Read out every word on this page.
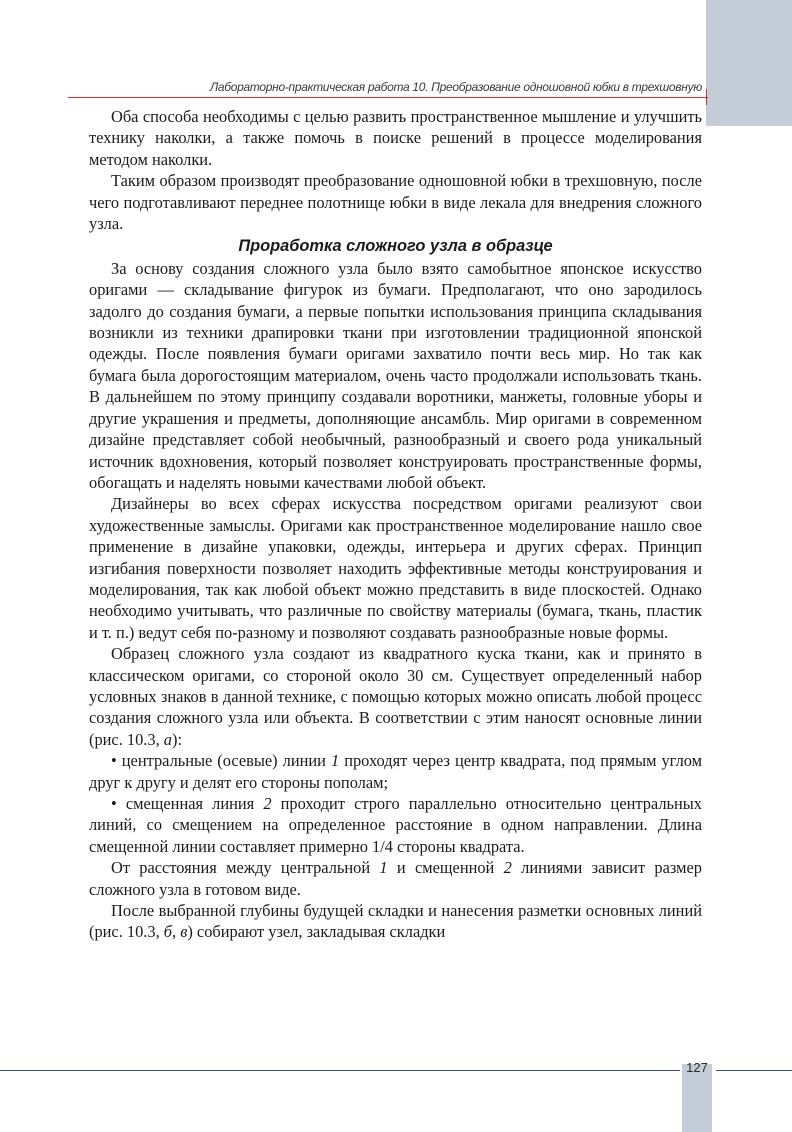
Лабораторно-практическая работа 10. Преобразование одношовной юбки в трехшовную

Оба способа необходимы с целью развить пространственное мышление и улучшить технику наколки, а также помочь в поиске решений в процессе моделирования методом наколки.

Таким образом производят преобразование одношовной юбки в трехшовную, после чего подготавливают переднее полотнище юбки в виде лекала для внедрения сложного узла.

Проработка сложного узла в образце

За основу создания сложного узла было взято самобытное японское искусство оригами — складывание фигурок из бумаги. Предполагают, что оно зародилось задолго до создания бумаги, а первые попытки использования принципа складывания возникли из техники драпировки ткани при изготовлении традиционной японской одежды. После появления бумаги оригами захватило почти весь мир. Но так как бумага была дорогостоящим материалом, очень часто продолжали использовать ткань. В дальнейшем по этому принципу создавали воротники, манжеты, головные уборы и другие украшения и предметы, дополняющие ансамбль. Мир оригами в современном дизайне представляет собой необычный, разнообразный и своего рода уникальный источник вдохновения, который позволяет конструировать пространственные формы, обогащать и наделять новыми качествами любой объект.

Дизайнеры во всех сферах искусства посредством оригами реализуют свои художественные замыслы. Оригами как пространственное моделирование нашло свое применение в дизайне упаковки, одежды, интерьера и других сферах. Принцип изгибания поверхности позволяет находить эффективные методы конструирования и моделирования, так как любой объект можно представить в виде плоскостей. Однако необходимо учитывать, что различные по свойству материалы (бумага, ткань, пластик и т. п.) ведут себя по-разному и позволяют создавать разнообразные новые формы.

Образец сложного узла создают из квадратного куска ткани, как и принято в классическом оригами, со стороной около 30 см. Существует определенный набор условных знаков в данной технике, с помощью которых можно описать любой процесс создания сложного узла или объекта. В соответствии с этим наносят основные линии (рис. 10.3, а):

• центральные (осевые) линии 1 проходят через центр квадрата, под прямым углом друг к другу и делят его стороны пополам;

• смещенная линия 2 проходит строго параллельно относительно центральных линий, со смещением на определенное расстояние в одном направлении. Длина смещенной линии составляет примерно 1/4 стороны квадрата.

От расстояния между центральной 1 и смещенной 2 линиями зависит размер сложного узла в готовом виде.

После выбранной глубины будущей складки и нанесения разметки основных линий (рис. 10.3, б, в) собирают узел, закладывая складки

127
